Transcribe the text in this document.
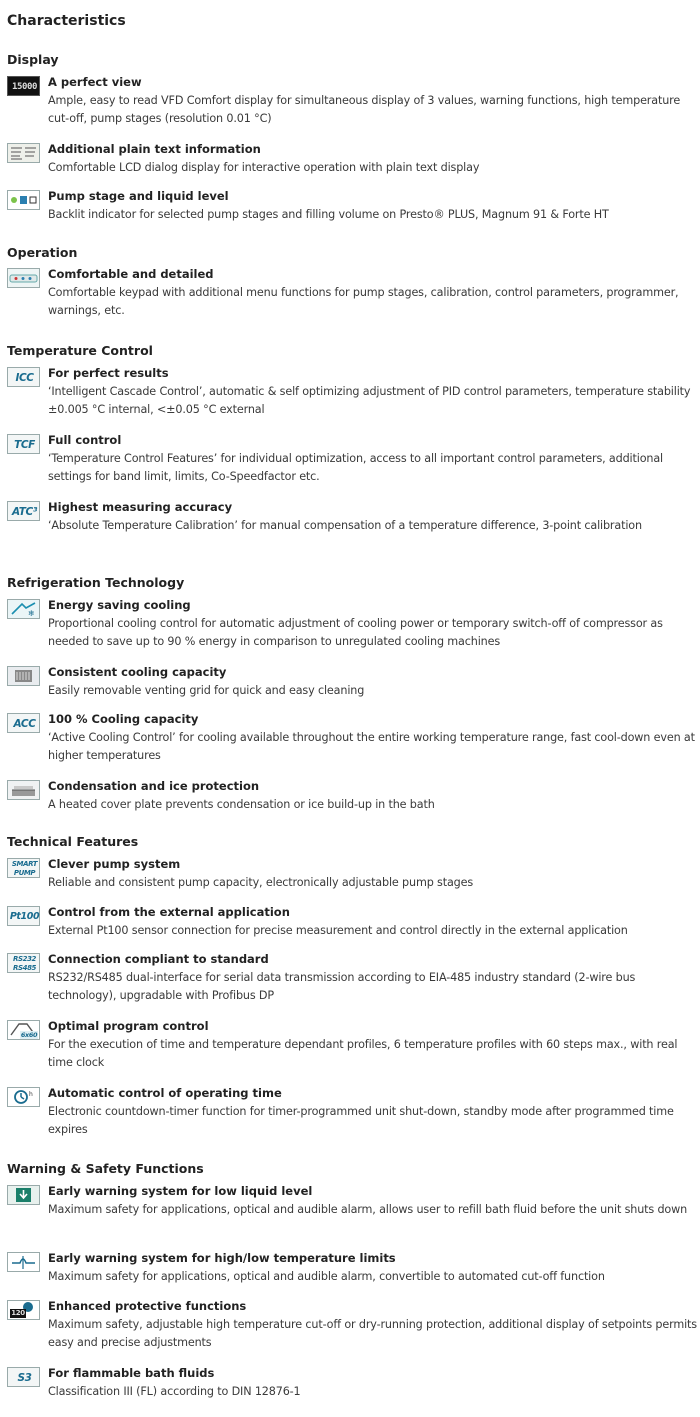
Characteristics
Display
15000 A perfect view

Ample, easy to read VFD Comfort display for simultaneous display of 3 values, warning functions, high temperature cut-off, pump stages (resolution 0.01 °C)

Additional plain text information

Comfortable LCD dialog display for interactive operation with plain text display

Pump stage and liquid level

Backlit indicator for selected pump stages and filling volume on Presto® PLUS, Magnum 91 & Forte HT

Operation
Comfortable and detailed

Comfortable keypad with additional menu functions for pump stages, calibration, control parameters, programmer, warnings, etc.

Temperature Control
ICC	For perfect results

‘Intelligent Cascade Control’, automatic & self optimizing adjustment of PID control parameters, temperature stability ±0.005 °C internal, <±0.05 °C external

TCF	Full control

‘Temperature Control Features’ for individual optimization, access to all important control parameters, additional settings for band limit, limits, Co-Speedfactor etc.

ATC³ Highest measuring accuracy

‘Absolute Temperature Calibration’ for manual compensation of a temperature difference, 3-point calibration

Refrigeration Technology
❄
Energy saving cooling

Proportional cooling control for automatic adjustment of cooling power or temporary switch-off of compressor as needed to save up to 90 % energy in comparison to unregulated cooling machines

Consistent cooling capacity

Easily removable venting grid for quick and easy cleaning

ACC	100 % Cooling capacity

‘Active Cooling Control’ for cooling available throughout the entire working temperature range, fast cool-down even at higher temperatures

Condensation and ice protection

A heated cover plate prevents condensation or ice build-up in the bath

Technical Features
SMART PUMP
Clever pump system

Reliable and consistent pump capacity, electronically adjustable pump stages

Pt100 Control from the external application

External Pt100 sensor connection for precise measurement and control directly in the external application

RS232 RS485
Connection compliant to standard

RS232/RS485 dual-interface for serial data transmission according to EIA-485 industry standard (2-wire bus technology), upgradable with Profibus DP

6x60
Optimal program control

For the execution of time and temperature dependant profiles, 6 temperature profiles with 60 steps max., with real time clock

h Automatic control of operating time

Electronic countdown-timer function for timer-programmed unit shut-down, standby mode after programmed time expires

Warning & Safety Functions
Early warning system for low liquid level

Maximum safety for applications, optical and audible alarm, allows user to refill bath fluid before the unit shuts down

Early warning system for high/low temperature limits

Maximum safety for applications, optical and audible alarm, convertible to automated cut-off function

120 Enhanced protective functions

Maximum safety, adjustable high temperature cut-off or dry-running protection, additional display of setpoints permits easy and precise adjustments

S3	For flammable bath fluids

Classification III (FL) according to DIN 12876-1
